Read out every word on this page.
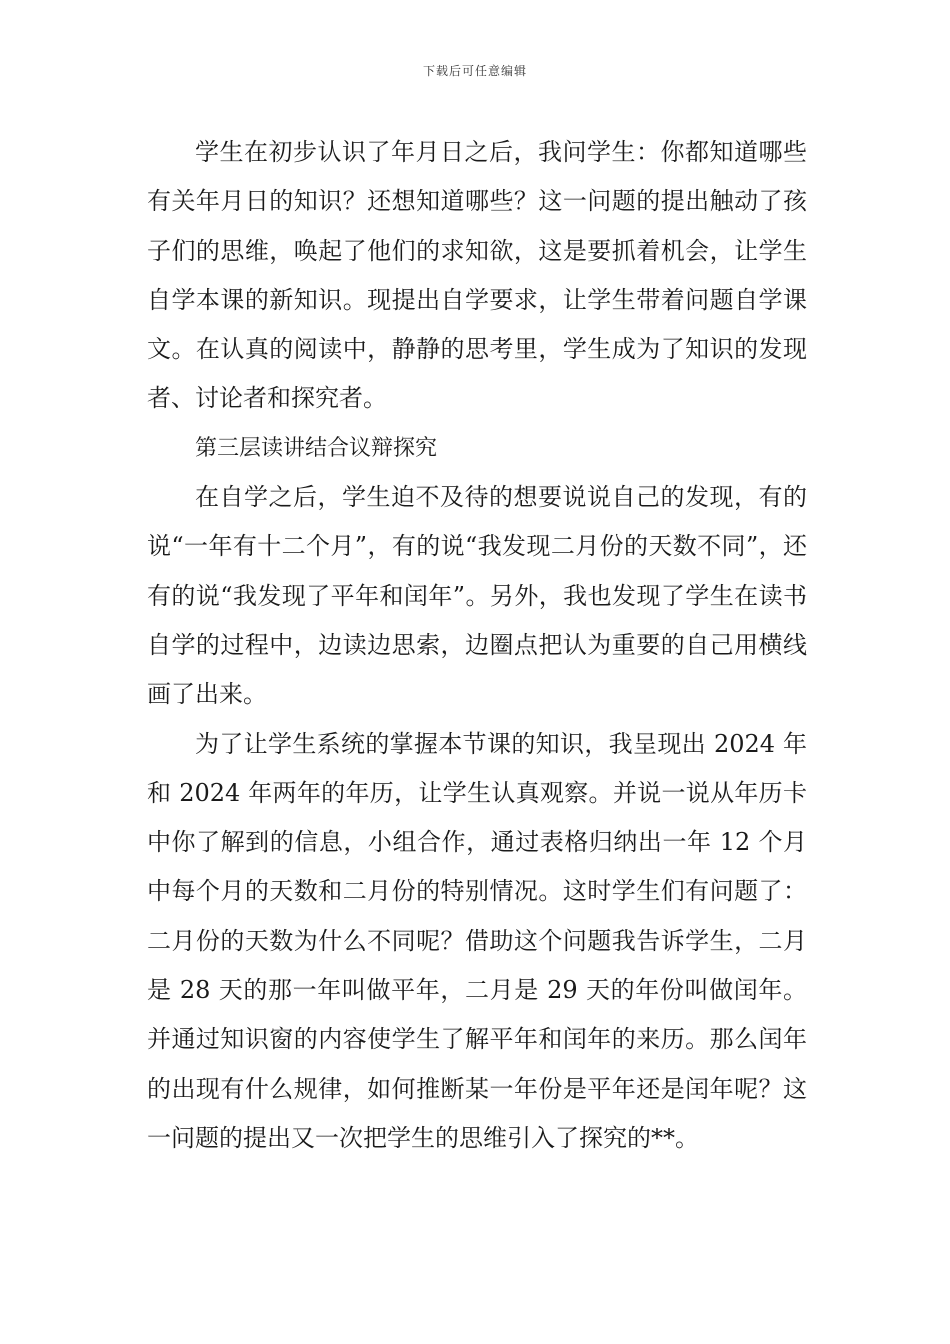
下载后可任意编辑

学生在初步认识了年月日之后，我问学生：你都知道哪些有关年月日的知识？还想知道哪些？这一问题的提出触动了孩子们的思维，唤起了他们的求知欲，这是要抓着机会，让学生自学本课的新知识。现提出自学要求，让学生带着问题自学课文。在认真的阅读中，静静的思考里，学生成为了知识的发现者、讨论者和探究者。

第三层读讲结合议辩探究

在自学之后，学生迫不及待的想要说说自己的发现，有的说“一年有十二个月”，有的说“我发现二月份的天数不同”，还有的说“我发现了平年和闰年”。另外，我也发现了学生在读书自学的过程中，边读边思索，边圈点把认为重要的自己用横线画了出来。

为了让学生系统的掌握本节课的知识，我呈现出 2024 年和 2024 年两年的年历，让学生认真观察。并说一说从年历卡中你了解到的信息，小组合作，通过表格归纳出一年 12 个月中每个月的天数和二月份的特别情况。这时学生们有问题了：二月份的天数为什么不同呢？借助这个问题我告诉学生，二月是 28 天的那一年叫做平年，二月是 29 天的年份叫做闰年。并通过知识窗的内容使学生了解平年和闰年的来历。那么闰年的出现有什么规律，如何推断某一年份是平年还是闰年呢？这一问题的提出又一次把学生的思维引入了探究的**。
